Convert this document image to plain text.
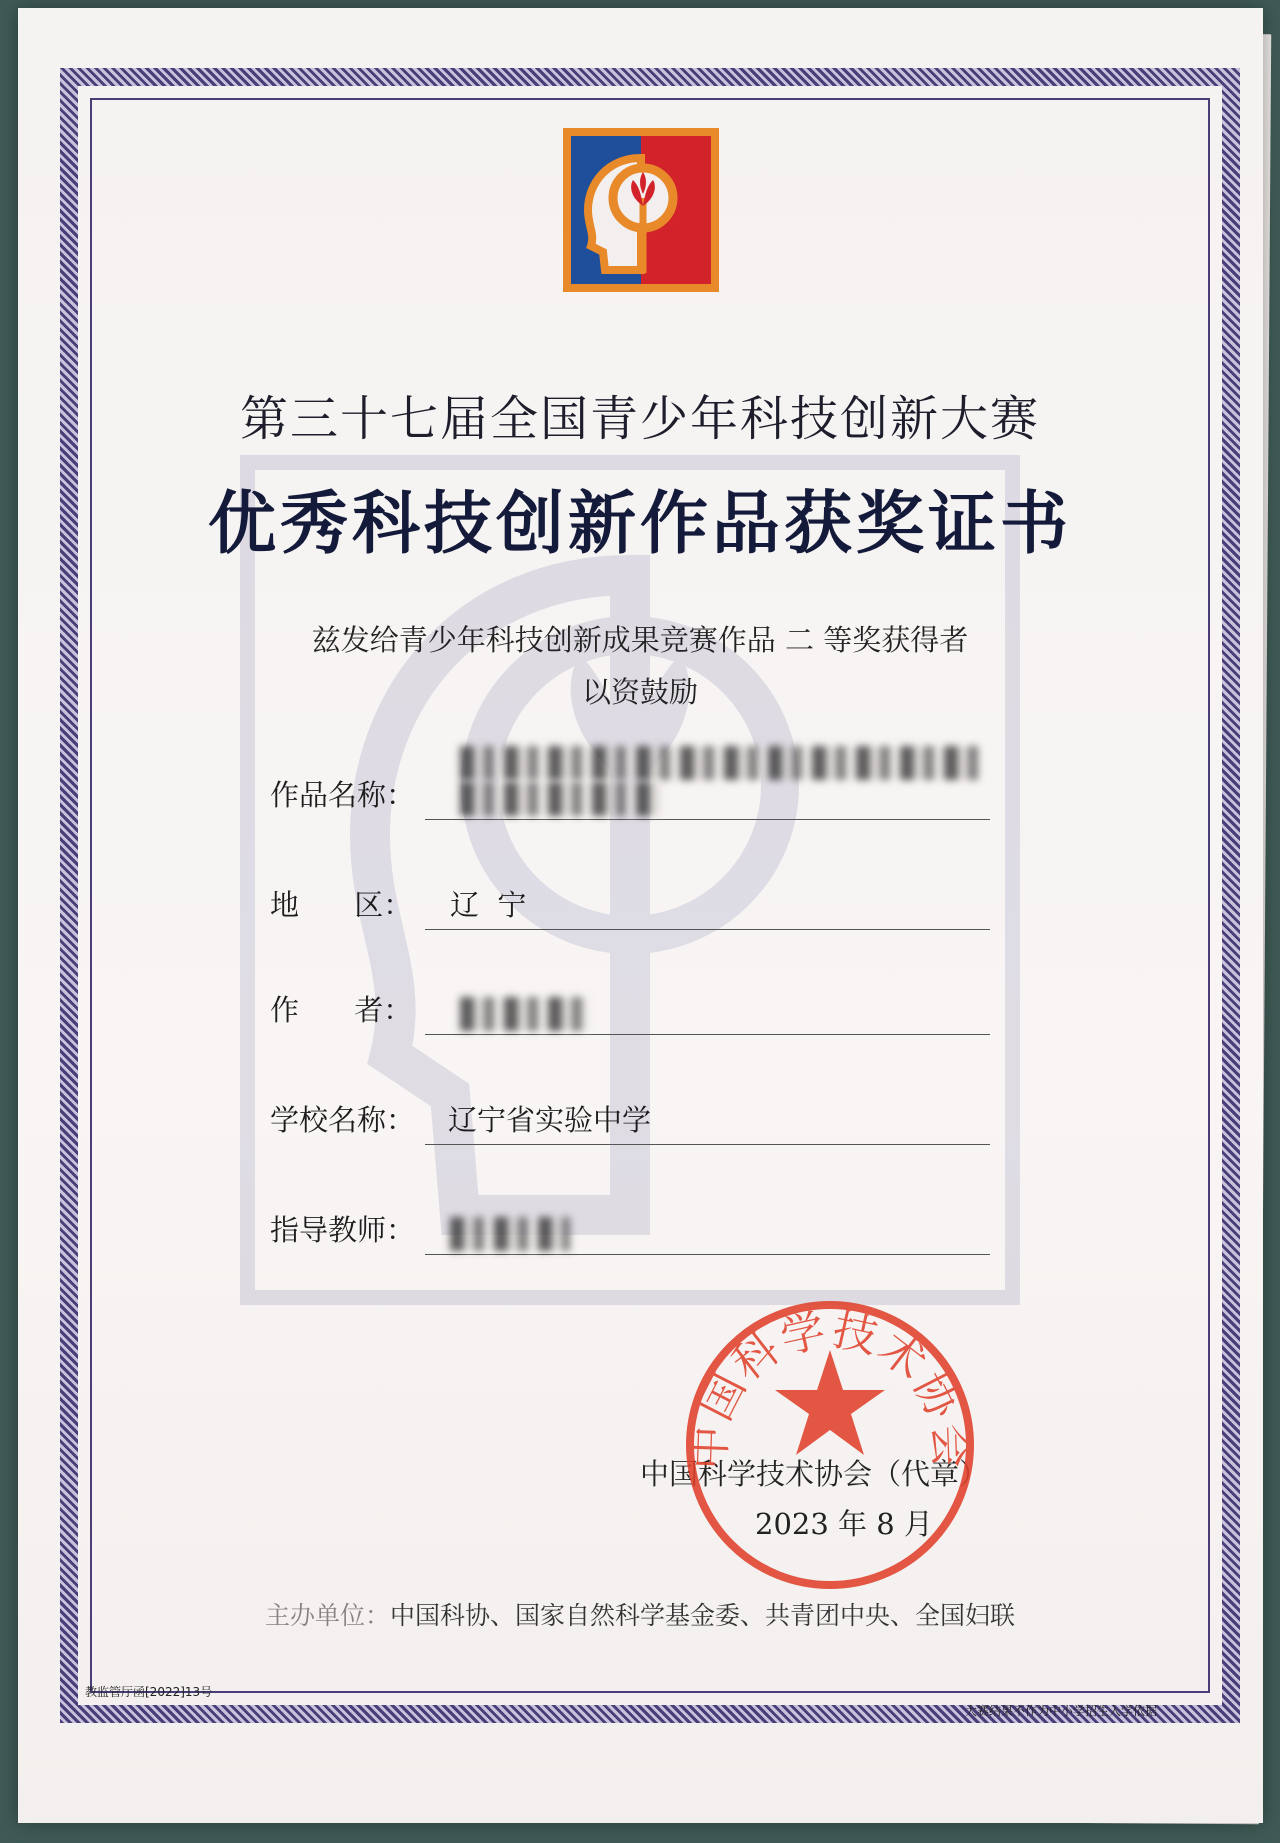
第三十七届全国青少年科技创新大赛
优秀科技创新作品获奖证书
兹发给青少年科技创新成果竞赛作品 二 等奖获得者
以资鼓励
作品名称：
地      区： 辽  宁
作      者：
学校名称： 辽宁省实验中学
指导教师：
中国科学技术协会（代章）
2023 年 8 月
中国科学技术协会
主办单位：中国科协、国家自然科学基金委、共青团中央、全国妇联
教监管厅函[2022]13号
大赛结果不作为中小学招生入学依据
